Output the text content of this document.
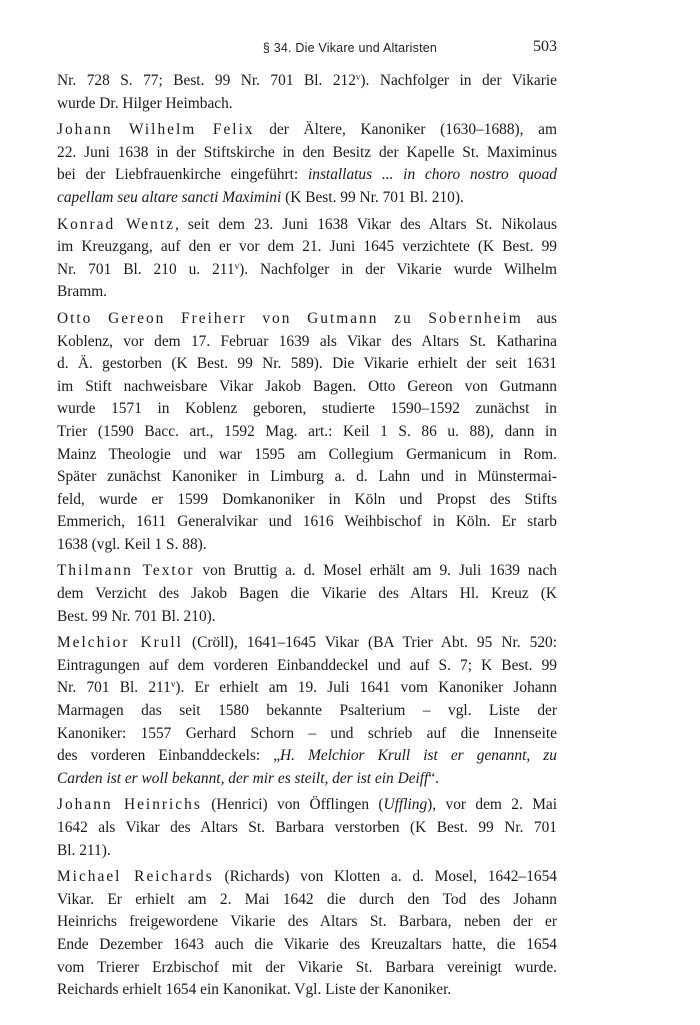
§ 34. Die Vikare und Altaristen	503

Nr. 728 S. 77; Best. 99 Nr. 701 Bl. 212$^v$). Nachfolger in der Vikarie
wurde Dr. Hilger Heimbach.

Johann Wilhelm Felix der Ältere, Kanoniker (1630–1688), am
22. Juni 1638 in der Stiftskirche in den Besitz der Kapelle St. Maximinus
bei der Liebfrauenkirche eingeführt: installatus ... in choro nostro quoad
capellam seu altare sancti Maximini (K Best. 99 Nr. 701 Bl. 210).

Konrad Wentz, seit dem 23. Juni 1638 Vikar des Altars St. Nikolaus
im Kreuzgang, auf den er vor dem 21. Juni 1645 verzichtete (K Best. 99
Nr. 701 Bl. 210 u. 211$^v$). Nachfolger in der Vikarie wurde Wilhelm
Bramm.

Otto Gereon Freiherr von Gutmann zu Sobernheim aus
Koblenz, vor dem 17. Februar 1639 als Vikar des Altars St. Katharina
d. Ä. gestorben (K Best. 99 Nr. 589). Die Vikarie erhielt der seit 1631
im Stift nachweisbare Vikar Jakob Bagen. Otto Gereon von Gutmann
wurde 1571 in Koblenz geboren, studierte 1590–1592 zunächst in
Trier (1590 Bacc. art., 1592 Mag. art.: Keil 1 S. 86 u. 88), dann in
Mainz Theologie und war 1595 am Collegium Germanicum in Rom.
Später zunächst Kanoniker in Limburg a. d. Lahn und in Münstermai-
feld, wurde er 1599 Domkanoniker in Köln und Propst des Stifts
Emmerich, 1611 Generalvikar und 1616 Weihbischof in Köln. Er starb
1638 (vgl. Keil 1 S. 88).

Thilmann Textor von Bruttig a. d. Mosel erhält am 9. Juli 1639 nach
dem Verzicht des Jakob Bagen die Vikarie des Altars Hl. Kreuz (K
Best. 99 Nr. 701 Bl. 210).

Melchior Krull (Cröll), 1641–1645 Vikar (BA Trier Abt. 95 Nr. 520:
Eintragungen auf dem vorderen Einbanddeckel und auf S. 7; K Best. 99
Nr. 701 Bl. 211$^v$). Er erhielt am 19. Juli 1641 vom Kanoniker Johann
Marmagen das seit 1580 bekannte Psalterium – vgl. Liste der
Kanoniker: 1557 Gerhard Schorn – und schrieb auf die Innenseite
des vorderen Einbanddeckels: „H. Melchior Krull ist er genannt, zu
Carden ist er woll bekannt, der mir es steilt, der ist ein Deiff“.

Johann Heinrichs (Henrici) von Öfflingen (Uffling), vor dem 2. Mai
1642 als Vikar des Altars St. Barbara verstorben (K Best. 99 Nr. 701
Bl. 211).

Michael Reichards (Richards) von Klotten a. d. Mosel, 1642–1654
Vikar. Er erhielt am 2. Mai 1642 die durch den Tod des Johann
Heinrichs freigewordene Vikarie des Altars St. Barbara, neben der er
Ende Dezember 1643 auch die Vikarie des Kreuzaltars hatte, die 1654
vom Trierer Erzbischof mit der Vikarie St. Barbara vereinigt wurde.
Reichards erhielt 1654 ein Kanonikat. Vgl. Liste der Kanoniker.
